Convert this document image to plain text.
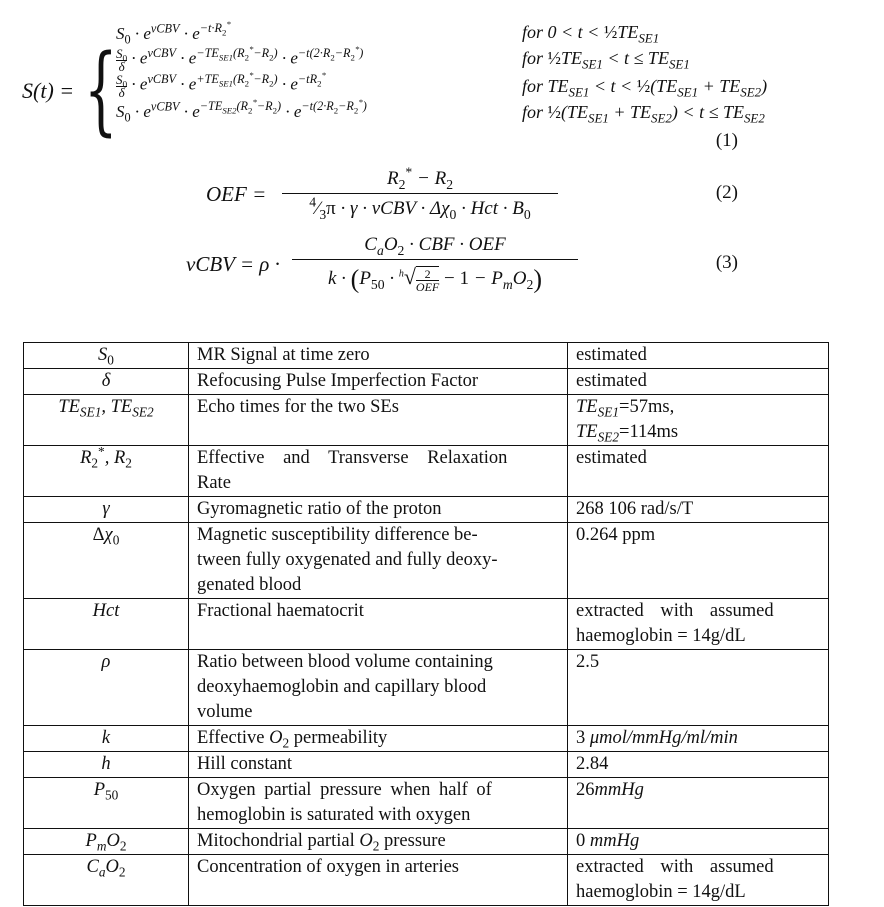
S(t) = {
$S_0 \cdot e^{vCBV} \cdot e^{-t\cdot R_2^*}$	for $0 < t < \frac{1}{2}TE_{SE1}$
$\frac{S_0}{\delta} \cdot e^{vCBV} \cdot e^{-TE_{SE1}(R_2^*-R_2)} \cdot e^{-t(2\cdot R_2-R_2^*)}$	for $\frac{1}{2}TE_{SE1} < t \le TE_{SE1}$
$\frac{S_0}{\delta} \cdot e^{vCBV} \cdot e^{+TE_{SE1}(R_2^*-R_2)} \cdot e^{-tR_2^*}$
for $TE_{SE1} < t$ < $\frac{1}{2}(TE_{SE1} + TE_{SE2})$
$S_0 \cdot e^{vCBV} \cdot e^{-TE_{SE2}(R_2^*-R_2)} \cdot e^{-t(2\cdot R_2-R_2^*)}$	for $\frac{1}{2}(TE_{SE1} + TE_{SE2}) < t \le TE_{SE2}$
(1)
OEF =
$R_2^* - R_2$
$^4⁄_3\pi \cdot \gamma$ · vCBV · $\Delta\chi_0$ · Hct · $B_0$
(2)
vCBV = ρ ·
$C_aO_2$ · CBF · OEF
$k \cdot (P_{50} \cdot ^h√$ 2
OEF − $1 - P_mO_2$)
(3)
$S_0$	MR Signal at time zero	estimated
δ	Refocusing Pulse Imperfection Factor	estimated
$TE_{SE1}$, $TE_{SE2}$	Echo times for the two SEs	$TE_{SE1}=57ms$,
$TE_{SE2}=114ms$
$R_2^*$, $R_2$	Effective and Transverse Relaxation
Rate	estimated
γ	Gyromagnetic ratio of the proton	268 106 rad/s/T
$\Delta\chi_0$	Magnetic susceptibility difference be-
tween fully oxygenated and fully deoxy-
genated blood	0.264 ppm
Hct	Fractional haematocrit	extracted with assumed
haemoglobin = 14g/dL
ρ	Ratio between blood volume containing
deoxyhaemoglobin and capillary blood
volume	2.5
k	Effective $O_2$ permeability	3 μmol/mmHg/ml/min
h	Hill constant	2.84
$P_{50}$	Oxygen partial pressure when half of
hemoglobin is saturated with oxygen	26mmHg
$P_mO_2$	Mitochondrial partial $O_2$ pressure	0 mmHg
$C_aO_2$	Concentration of oxygen in arteries	extracted with assumed
haemoglobin = 14g/dL
